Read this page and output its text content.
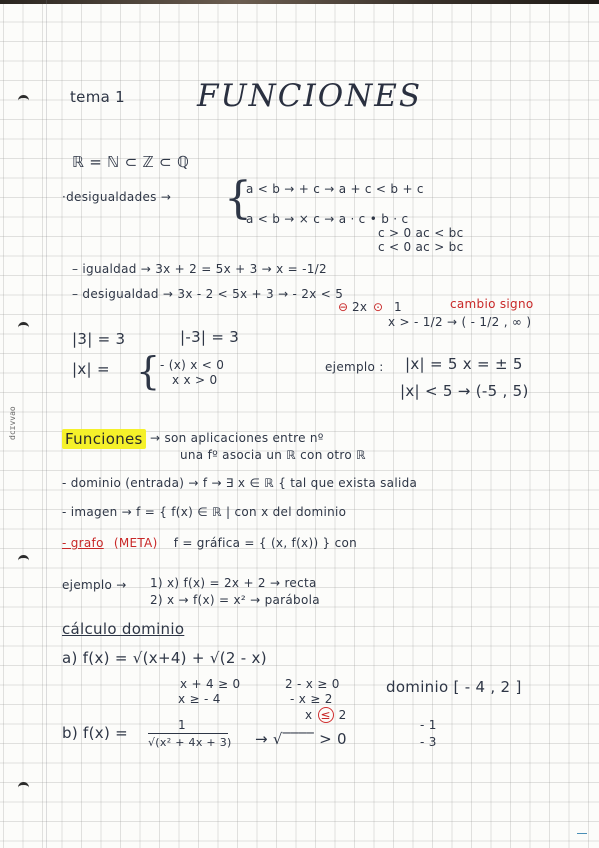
dcɪvvao
tema 1 FUNCIONES
ℝ = ℕ ⊂ ℤ ⊂ ℚ
·desigualdades → {
a < b → + c → a + c < b + c
a < b → × c → a · c • b · c
c > 0 ac < bc
c < 0 ac > bc
– igualdad → 3x + 2 = 5x + 3 → x = -1/2
– desigualdad → 3x - 2 < 5x + 3 → - 2x < 5
⊖ 2x ⊙ 1	cambio signo
x > - 1/2 → ( - 1/2 , ∞ )
|3| = 3	|-3| = 3
|x| = { - (x) x < 0
x x > 0
ejemplo : |x| = 5 x = ± 5
|x| < 5 → (-5 , 5)
Funciones → son aplicaciones entre nº
una fº asocia un ℝ con otro ℝ
- dominio (entrada) → f → ∃ x ∈ ℝ { tal que exista salida
- imagen → f = { f(x) ∈ ℝ | con x del dominio
- grafo (META) f = gráfica = { (x, f(x)) } con
ejemplo → 1) x) f(x) = 2x + 2 → recta
2) x → f(x) = x² → parábola
cálculo dominio
a) f(x) = √(x+4) + √(2 - x)
x + 4 ≥ 0
x ≥ - 4
2 - x ≥ 0
- x ≥ 2
x ≤ 2
dominio [ - 4 , 2 ]
b) f(x) =	1
√(x² + 4x + 3) → √‾‾‾‾ > 0
- 1
- 3
